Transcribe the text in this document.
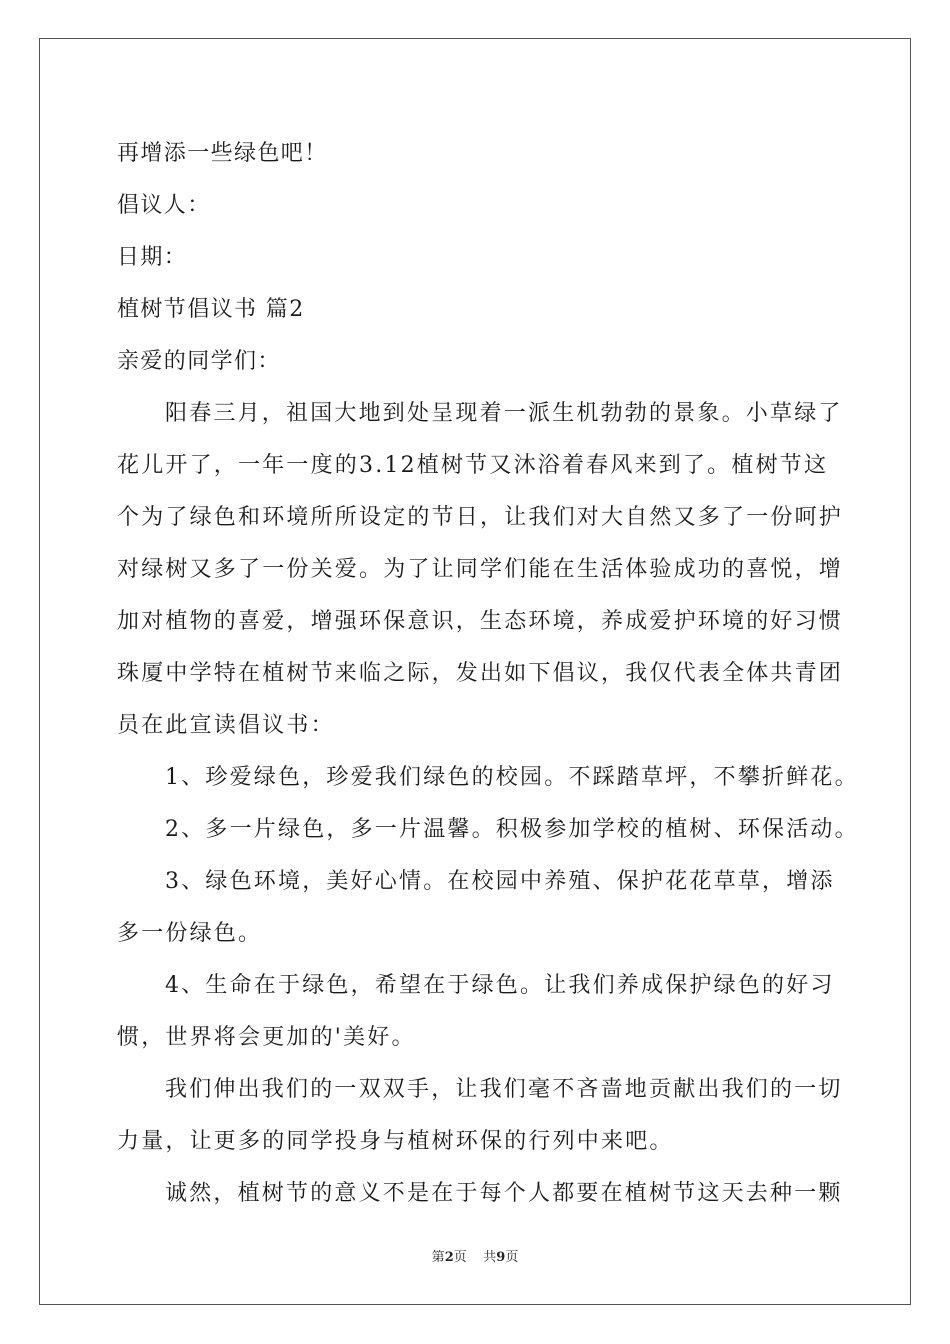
再增添一些绿色吧！
倡议人：
日期：
植树节倡议书 篇2
亲爱的同学们：
阳春三月，祖国大地到处呈现着一派生机勃勃的景象。小草绿了
花儿开了，一年一度的3.12植树节又沐浴着春风来到了。植树节这
个为了绿色和环境所所设定的节日，让我们对大自然又多了一份呵护
对绿树又多了一份关爱。为了让同学们能在生活体验成功的喜悦，增
加对植物的喜爱，增强环保意识，生态环境，养成爱护环境的好习惯
珠厦中学特在植树节来临之际，发出如下倡议，我仅代表全体共青团
员在此宣读倡议书：
1、珍爱绿色，珍爱我们绿色的校园。不踩踏草坪，不攀折鲜花。
2、多一片绿色，多一片温馨。积极参加学校的植树、环保活动。
3、绿色环境，美好心情。在校园中养殖、保护花花草草，增添
多一份绿色。
4、生命在于绿色，希望在于绿色。让我们养成保护绿色的好习
惯，世界将会更加的'美好。
我们伸出我们的一双双手，让我们毫不吝啬地贡献出我们的一切
力量，让更多的同学投身与植树环保的行列中来吧。
诚然，植树节的意义不是在于每个人都要在植树节这天去种一颗
第2页    共9页
